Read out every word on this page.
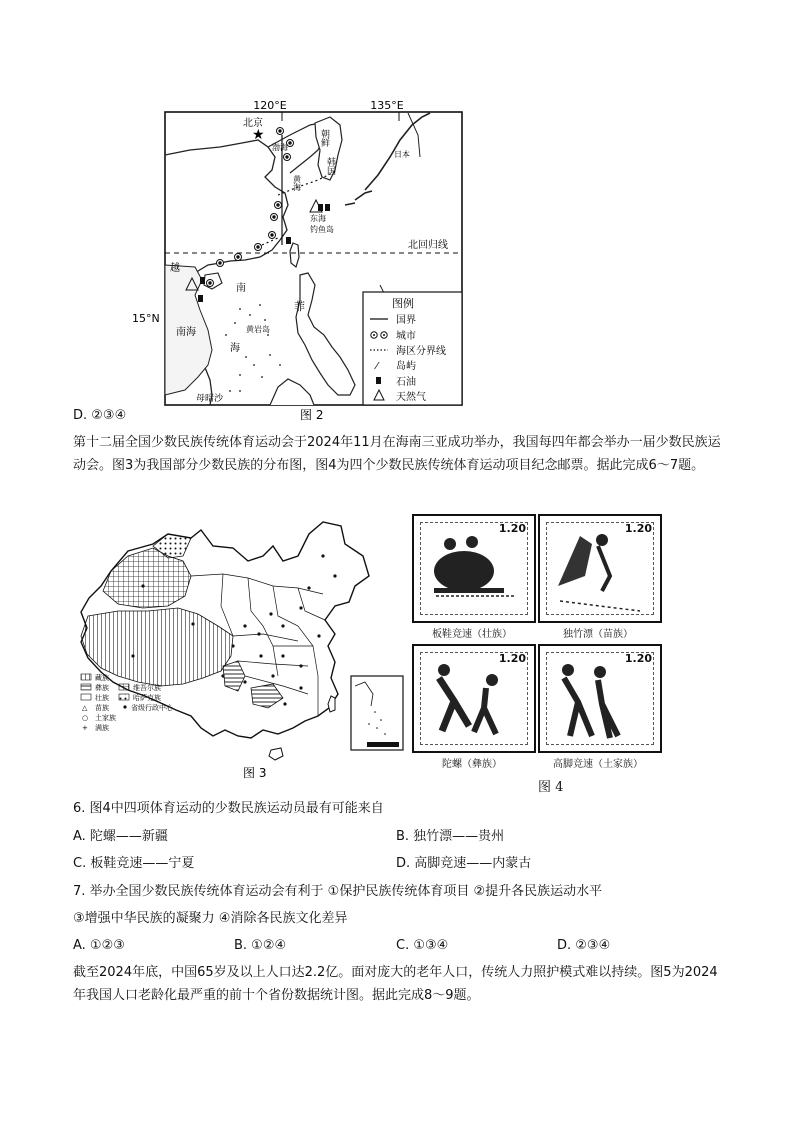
120°E	135°E
15°N
北回归线
★
北京
渤海
朝鲜
韩国
日本
黄海
东海
钓鱼岛
越
南
菲
黄岩岛
海
南海
母暗沙
图例
国界
城市
海区分界线
⁄ 岛屿
石油
天然气
图 2
D. ②③④
第十二届全国少数民族传统体育运动会于2024年11月在海南三亚成功举办，我国每四年都会举办一届少数民族运动会。图3为我国部分少数民族的分布图，图4为四个少数民族传统体育运动项目纪念邮票。据此完成6～7题。
藏族
彝族	维吾尔族
壮族	哈萨克族
△ 苗族	省级行政中心
○ 土家族
+ 满族
图 3
1.20
板鞋竞速（壮族）
1.20
独竹漂（苗族）
1.20
陀螺（彝族）
1.20
高脚竞速（土家族）
图 4
6. 图4中四项体育运动的少数民族运动员最有可能来自
A. 陀螺——新疆	B. 独竹漂——贵州
C. 板鞋竞速——宁夏	D. 高脚竞速——内蒙古
7. 举办全国少数民族传统体育运动会有利于 ①保护民族传统体育项目 ②提升各民族运动水平
③增强中华民族的凝聚力 ④消除各民族文化差异
A. ①②③	B. ①②④	C. ①③④	D. ②③④
截至2024年底，中国65岁及以上人口达2.2亿。面对庞大的老年人口，传统人力照护模式难以持续。图5为2024年我国人口老龄化最严重的前十个省份数据统计图。据此完成8～9题。
